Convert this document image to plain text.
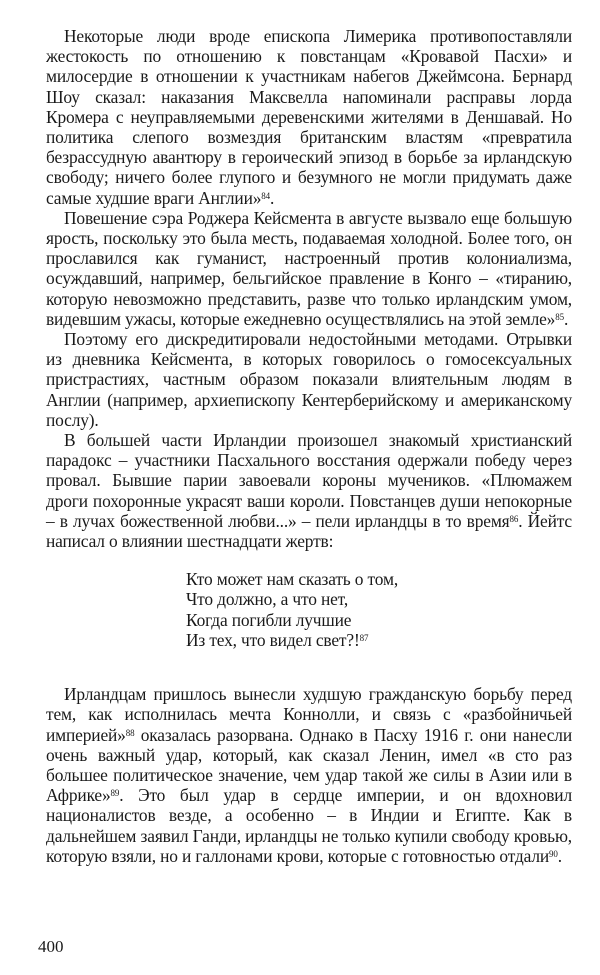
Некоторые люди вроде епископа Лимерика противопоставляли жестокость по отношению к повстанцам «Кровавой Пасхи» и милосердие в отношении к участникам набегов Джеймсона. Бернард Шоу сказал: наказания Максвелла напоминали расправы лорда Кромера с неуправляемыми деревенскими жителями в Деншавай. Но политика слепого возмездия британским властям «превратила безрассудную авантюру в героический эпизод в борьбе за ирландскую свободу; ничего более глупого и безумного не могли придумать даже самые худшие враги Англии»$^{84}$.

Повешение сэра Роджера Кейсмента в августе вызвало еще большую ярость, поскольку это была месть, подаваемая холодной. Более того, он прославился как гуманист, настроенный против колониализма, осуждавший, например, бельгийское правление в Конго – «тиранию, которую невозможно представить, разве что только ирландским умом, видевшим ужасы, которые ежедневно осуществлялись на этой земле»$^{85}$.

Поэтому его дискредитировали недостойными методами. Отрывки из дневника Кейсмента, в которых говорилось о гомосексуальных пристрастиях, частным образом показали влиятельным людям в Англии (например, архиепископу Кентерберийскому и американскому послу).

В большей части Ирландии произошел знакомый христианский парадокс – участники Пасхального восстания одержали победу через провал. Бывшие парии завоевали короны мучеников. «Плюмажем дроги похоронные украсят ваши короли. Повстанцев души непокорные – в лучах божественной любви...» – пели ирландцы в то время$^{86}$. Йейтс написал о влиянии шестнадцати жертв:

Кто может нам сказать о том,
Что должно, а что нет,
Когда погибли лучшие
Из тех, что видел свет?!$^{87}$

Ирландцам пришлось вынесли худшую гражданскую борьбу перед тем, как исполнилась мечта Коннолли, и связь с «разбойничьей империей»$^{88}$ оказалась разорвана. Однако в Пасху 1916 г. они нанесли очень важный удар, который, как сказал Ленин, имел «в сто раз большее политическое значение, чем удар такой же силы в Азии или в Африке»$^{89}$. Это был удар в сердце империи, и он вдохновил националистов везде, а особенно – в Индии и Египте. Как в дальнейшем заявил Ганди, ирландцы не только купили свободу кровью, которую взяли, но и галлонами крови, которые с готовностью отдали$^{90}$.

400
